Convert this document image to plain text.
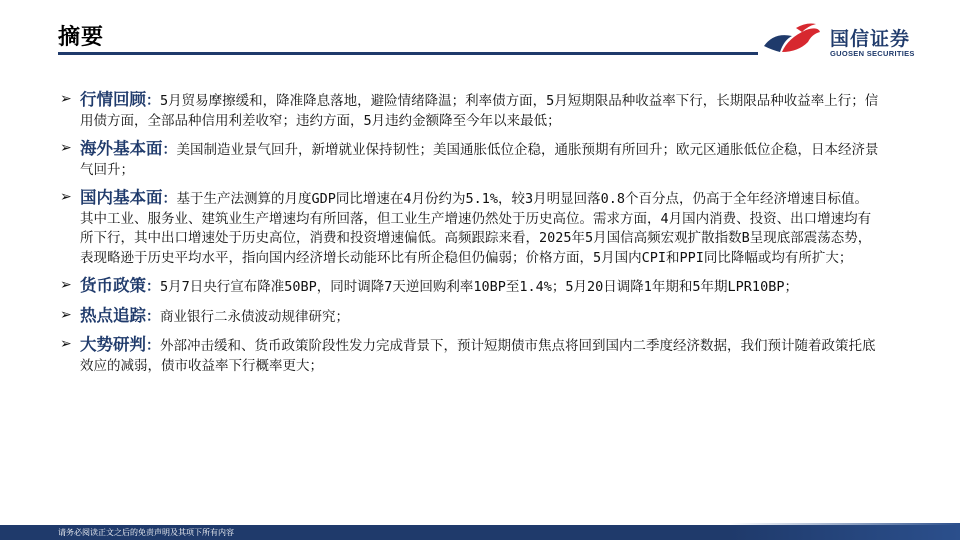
摘要	国信证券
GUOSEN SECURITIES
➢ 行情回顾：5月贸易摩擦缓和，降准降息落地，避险情绪降温；利率债方面，5月短期限品种收益率下行，长期限品种收益率上行；信用债方面，全部品种信用利差收窄；违约方面，5月违约金额降至今年以来最低；
➢ 海外基本面：美国制造业景气回升，新增就业保持韧性；美国通胀低位企稳，通胀预期有所回升；欧元区通胀低位企稳，日本经济景气回升；
➢ 国内基本面：基于生产法测算的月度GDP同比增速在4月份约为5.1%，较3月明显回落0.8个百分点，仍高于全年经济增速目标值。其中工业、服务业、建筑业生产增速均有所回落，但工业生产增速仍然处于历史高位。需求方面，4月国内消费、投资、出口增速均有所下行，其中出口增速处于历史高位，消费和投资增速偏低。高频跟踪来看，2025年5月国信高频宏观扩散指数B呈现底部震荡态势，表现略逊于历史平均水平，指向国内经济增长动能环比有所企稳但仍偏弱；价格方面，5月国内CPI和PPI同比降幅或均有所扩大；
➢ 货币政策：5月7日央行宣布降准50BP，同时调降7天逆回购利率10BP至1.4%；5月20日调降1年期和5年期LPR10BP；
➢ 热点追踪：商业银行二永债波动规律研究；
➢ 大势研判：外部冲击缓和、货币政策阶段性发力完成背景下，预计短期债市焦点将回到国内二季度经济数据，我们预计随着政策托底效应的减弱，债市收益率下行概率更大；
请务必阅读正文之后的免责声明及其项下所有内容
